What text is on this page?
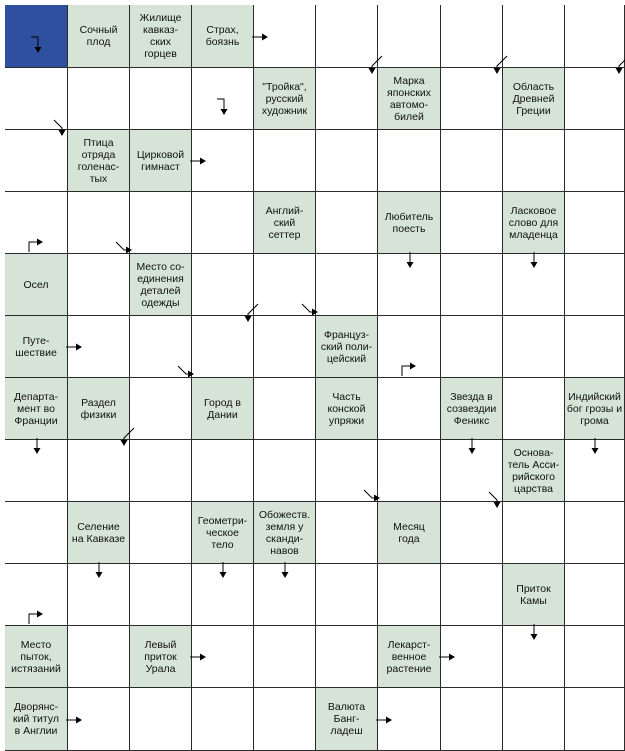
Сочный
плод
Жилище
кавказ-
ских
горцев
Страх,
боязнь
"Тройка",
русский
художник
Марка
японских
автомо-
билей
Область
Древней
Греции
Птица
отряда
голенас-
тых
Цирковой
гимнаст
Англий-
ский
сеттер
Любитель
поесть
Ласковое
слово для
младенца
Осел
Место со-
единения
деталей
одежды
Путе-
шествие
Француз-
ский поли-
цейский
Департа-
мент во
Франции
Раздел
физики
Город в
Дании
Часть
конской
упряжи
Звезда в
созвездии
Феникс
Индийский
бог грозы и
грома
Основа-
тель Асси-
рийского
царства
Селение
на Кавказе
Геометри-
ческое
тело
Обожеств.
земля у
сканди-
навов
Месяц
года
Приток
Камы
Место
пыток,
истязаний
Левый
приток
Урала
Лекарст-
венное
растение
Дворянс-
кий титул
в Англии
Валюта
Банг-
ладеш
